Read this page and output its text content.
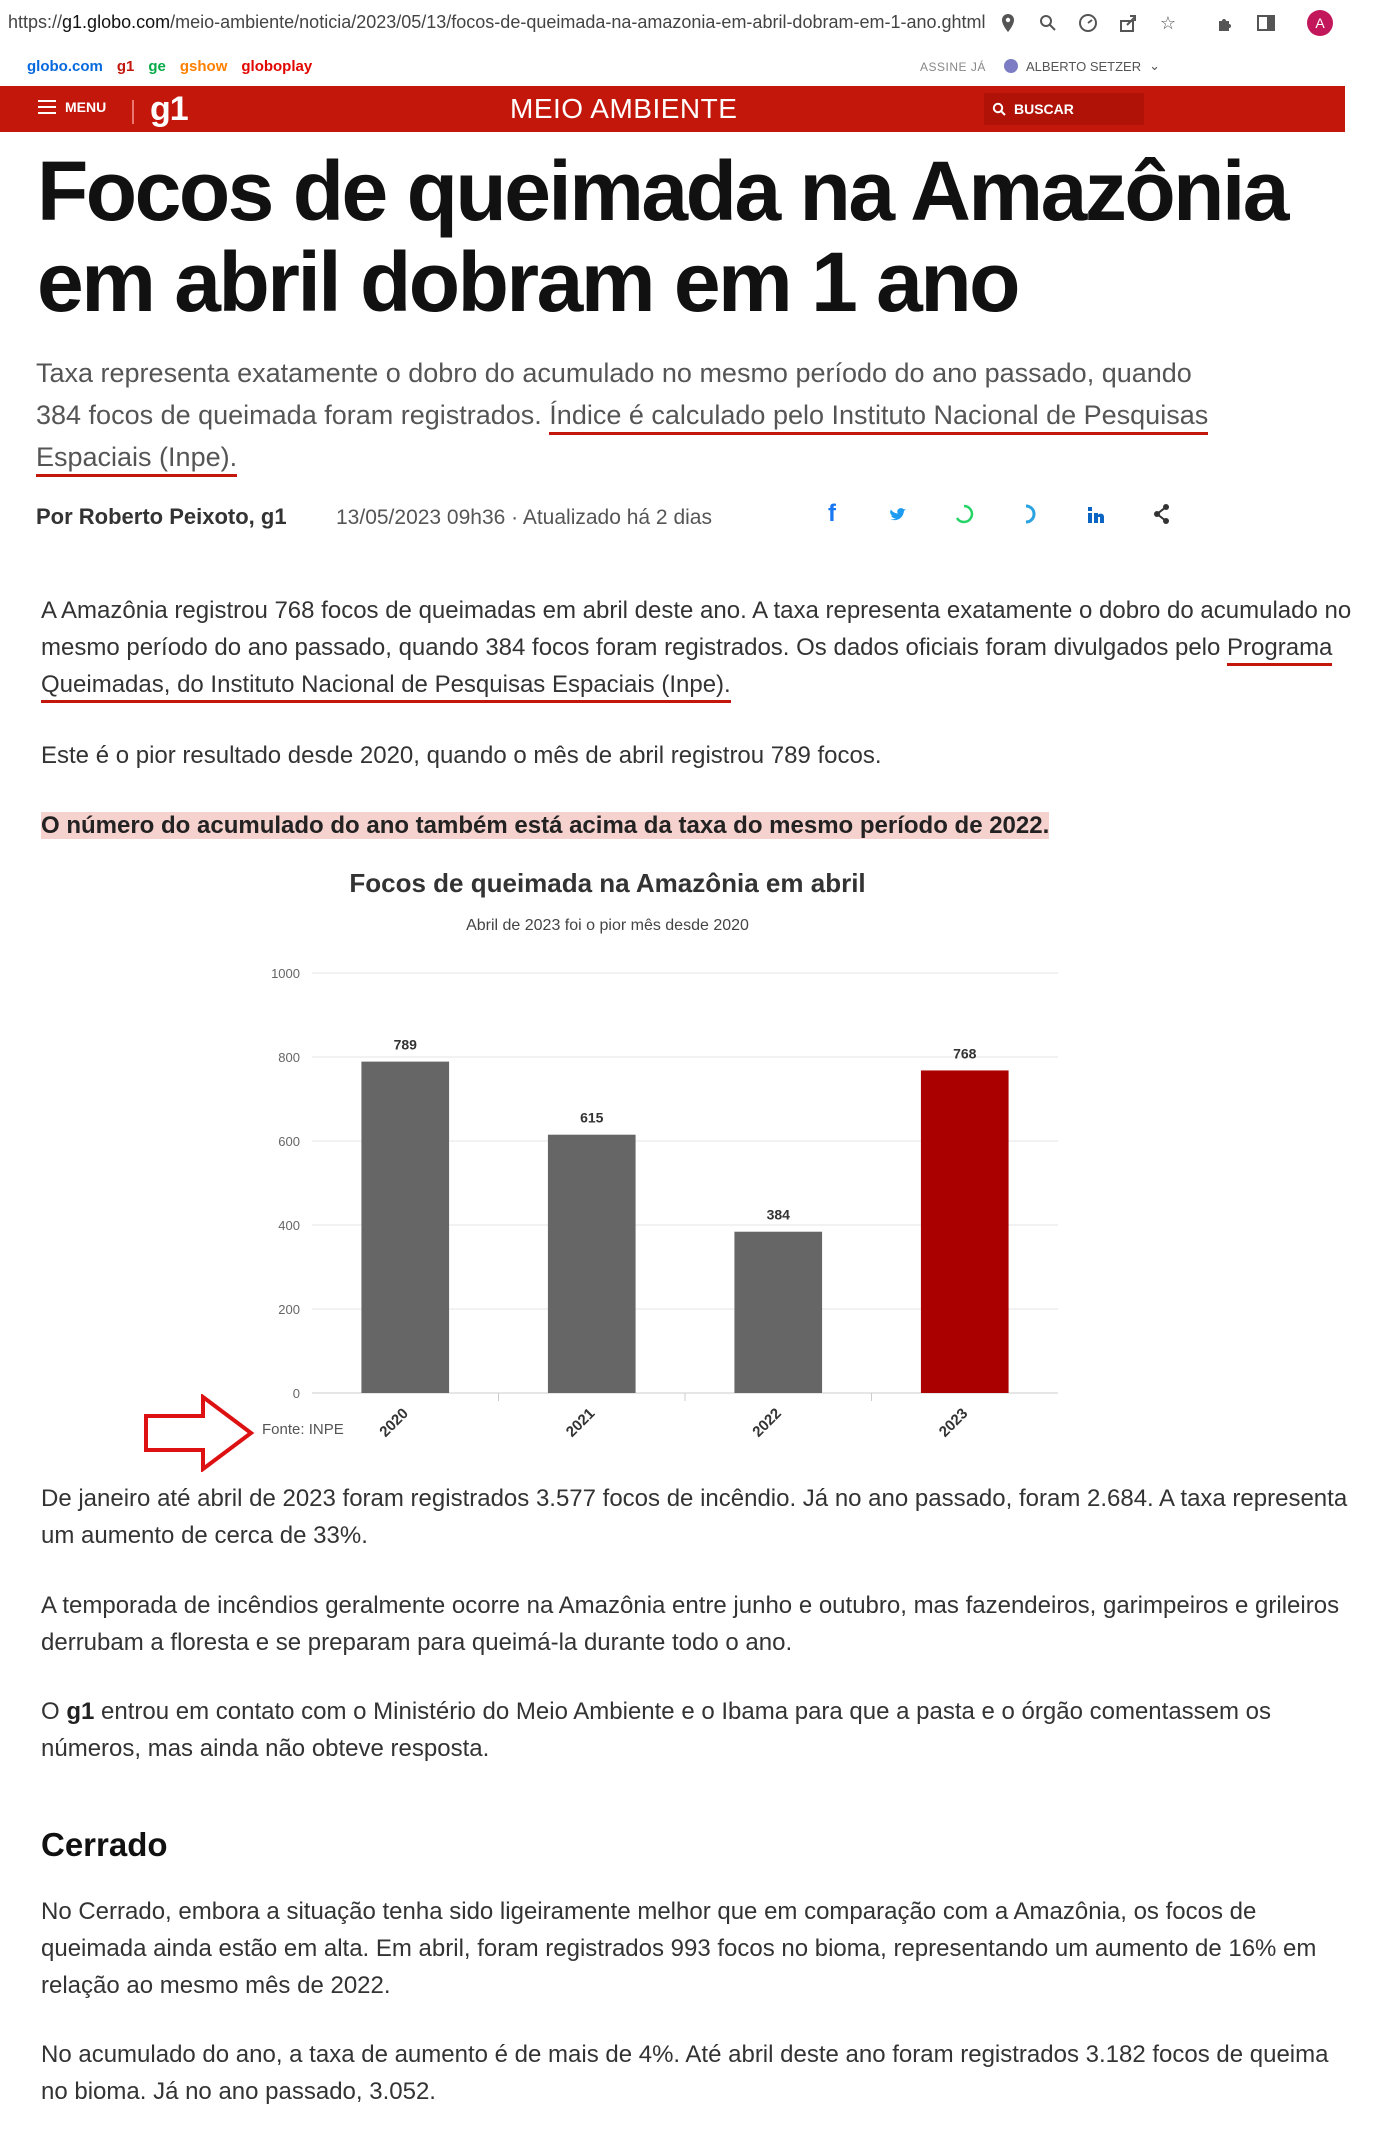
https://g1.globo.com/meio-ambiente/noticia/2023/05/13/focos-de-queimada-na-amazonia-em-abril-dobram-em-1-ano.ghtml	☆	A
globo.com g1 ge gshow globoplay	ASSINE JÁ	ALBERTO SETZER ⌄
MENU g1	MEIO AMBIENTE	BUSCAR
Focos de queimada na Amazônia em abril dobram em 1 ano

Taxa representa exatamente o dobro do acumulado no mesmo período do ano passado, quando 384 focos de queimada foram registrados. Índice é calculado pelo Instituto Nacional de Pesquisas Espaciais (Inpe).

Por Roberto Peixoto, g1 13/05/2023 09h36 · Atualizado há 2 dias	f

A Amazônia registrou 768 focos de queimadas em abril deste ano. A taxa representa exatamente o dobro do acumulado no mesmo período do ano passado, quando 384 focos foram registrados. Os dados oficiais foram divulgados pelo Programa Queimadas, do Instituto Nacional de Pesquisas Espaciais (Inpe).

Este é o pior resultado desde 2020, quando o mês de abril registrou 789 focos.

O número do acumulado do ano também está acima da taxa do mesmo período de 2022.

Focos de queimada na Amazônia em abril
Abril de 2023 foi o pior mês desde 2020
0
200
400
600
800
1000
789
2020
615
2021
384
2022
768
2023
Fonte: INPE

De janeiro até abril de 2023 foram registrados 3.577 focos de incêndio. Já no ano passado, foram 2.684. A taxa representa um aumento de cerca de 33%.

A temporada de incêndios geralmente ocorre na Amazônia entre junho e outubro, mas fazendeiros, garimpeiros e grileiros derrubam a floresta e se preparam para queimá-la durante todo o ano.

O g1 entrou em contato com o Ministério do Meio Ambiente e o Ibama para que a pasta e o órgão comentassem os números, mas ainda não obteve resposta.

Cerrado

No Cerrado, embora a situação tenha sido ligeiramente melhor que em comparação com a Amazônia, os focos de queimada ainda estão em alta. Em abril, foram registrados 993 focos no bioma, representando um aumento de 16% em relação ao mesmo mês de 2022.

No acumulado do ano, a taxa de aumento é de mais de 4%. Até abril deste ano foram registrados 3.182 focos de queima no bioma. Já no ano passado, 3.052.
